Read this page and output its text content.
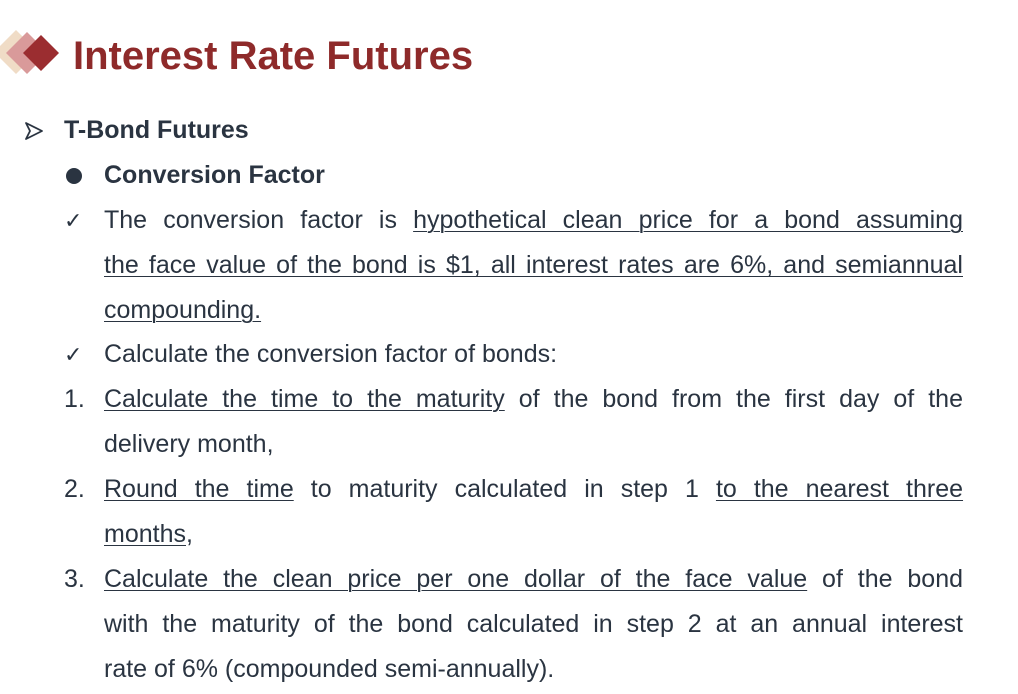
Interest Rate Futures
T-Bond Futures
Conversion Factor
✓ The conversion factor is hypothetical clean price for a bond assuming
the face value of the bond is $1, all interest rates are 6%, and semiannual
compounding.
✓ Calculate the conversion factor of bonds:
1. Calculate the time to the maturity of the bond from the first day of the
delivery month,
2. Round the time to maturity calculated in step 1 to the nearest three
months,
3. Calculate the clean price per one dollar of the face value of the bond
with the maturity of the bond calculated in step 2 at an annual interest
rate of 6% (compounded semi-annually).
